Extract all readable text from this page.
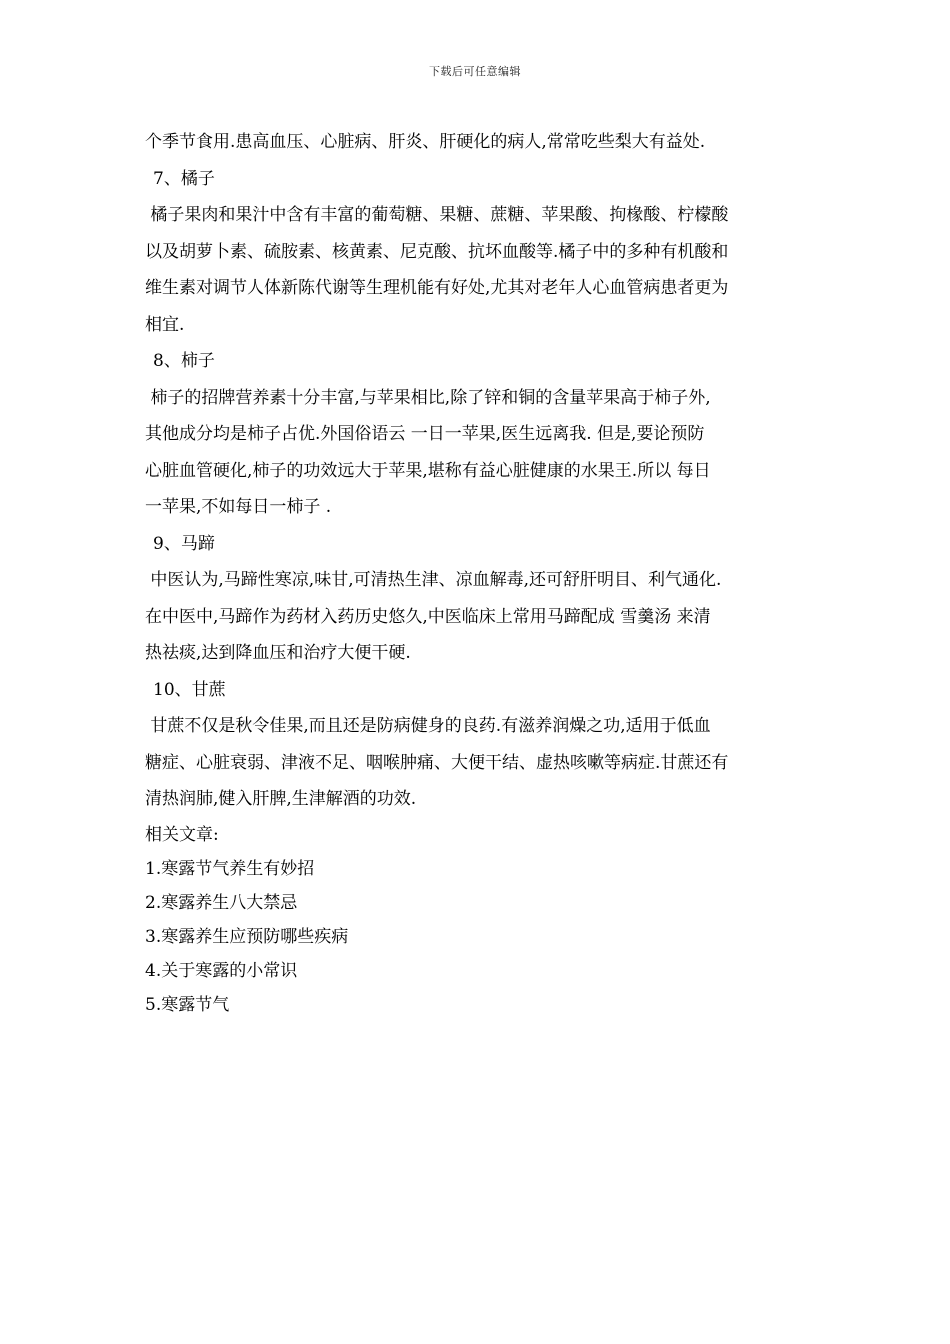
下载后可任意编辑
个季节食用.患高血压、心脏病、肝炎、肝硬化的病人,常常吃些梨大有益处.
7、橘子
橘子果肉和果汁中含有丰富的葡萄糖、果糖、蔗糖、苹果酸、拘椽酸、柠檬酸
以及胡萝卜素、硫胺素、核黄素、尼克酸、抗坏血酸等.橘子中的多种有机酸和
维生素对调节人体新陈代谢等生理机能有好处,尤其对老年人心血管病患者更为
相宜.
8、柿子
柿子的招牌营养素十分丰富,与苹果相比,除了锌和铜的含量苹果高于柿子外,
其他成分均是柿子占优.外国俗语云 一日一苹果,医生远离我. 但是,要论预防
心脏血管硬化,柿子的功效远大于苹果,堪称有益心脏健康的水果王.所以 每日
一苹果,不如每日一柿子 .
9、马蹄
中医认为,马蹄性寒凉,味甘,可清热生津、凉血解毒,还可舒肝明目、利气通化.
在中医中,马蹄作为药材入药历史悠久,中医临床上常用马蹄配成 雪羹汤 来清
热祛痰,达到降血压和治疗大便干硬.
10、甘蔗
甘蔗不仅是秋令佳果,而且还是防病健身的良药.有滋养润燥之功,适用于低血
糖症、心脏衰弱、津液不足、咽喉肿痛、大便干结、虚热咳嗽等病症.甘蔗还有
清热润肺,健入肝脾,生津解酒的功效.
相关文章:
1.寒露节气养生有妙招
2.寒露养生八大禁忌
3.寒露养生应预防哪些疾病
4.关于寒露的小常识
5.寒露节气
